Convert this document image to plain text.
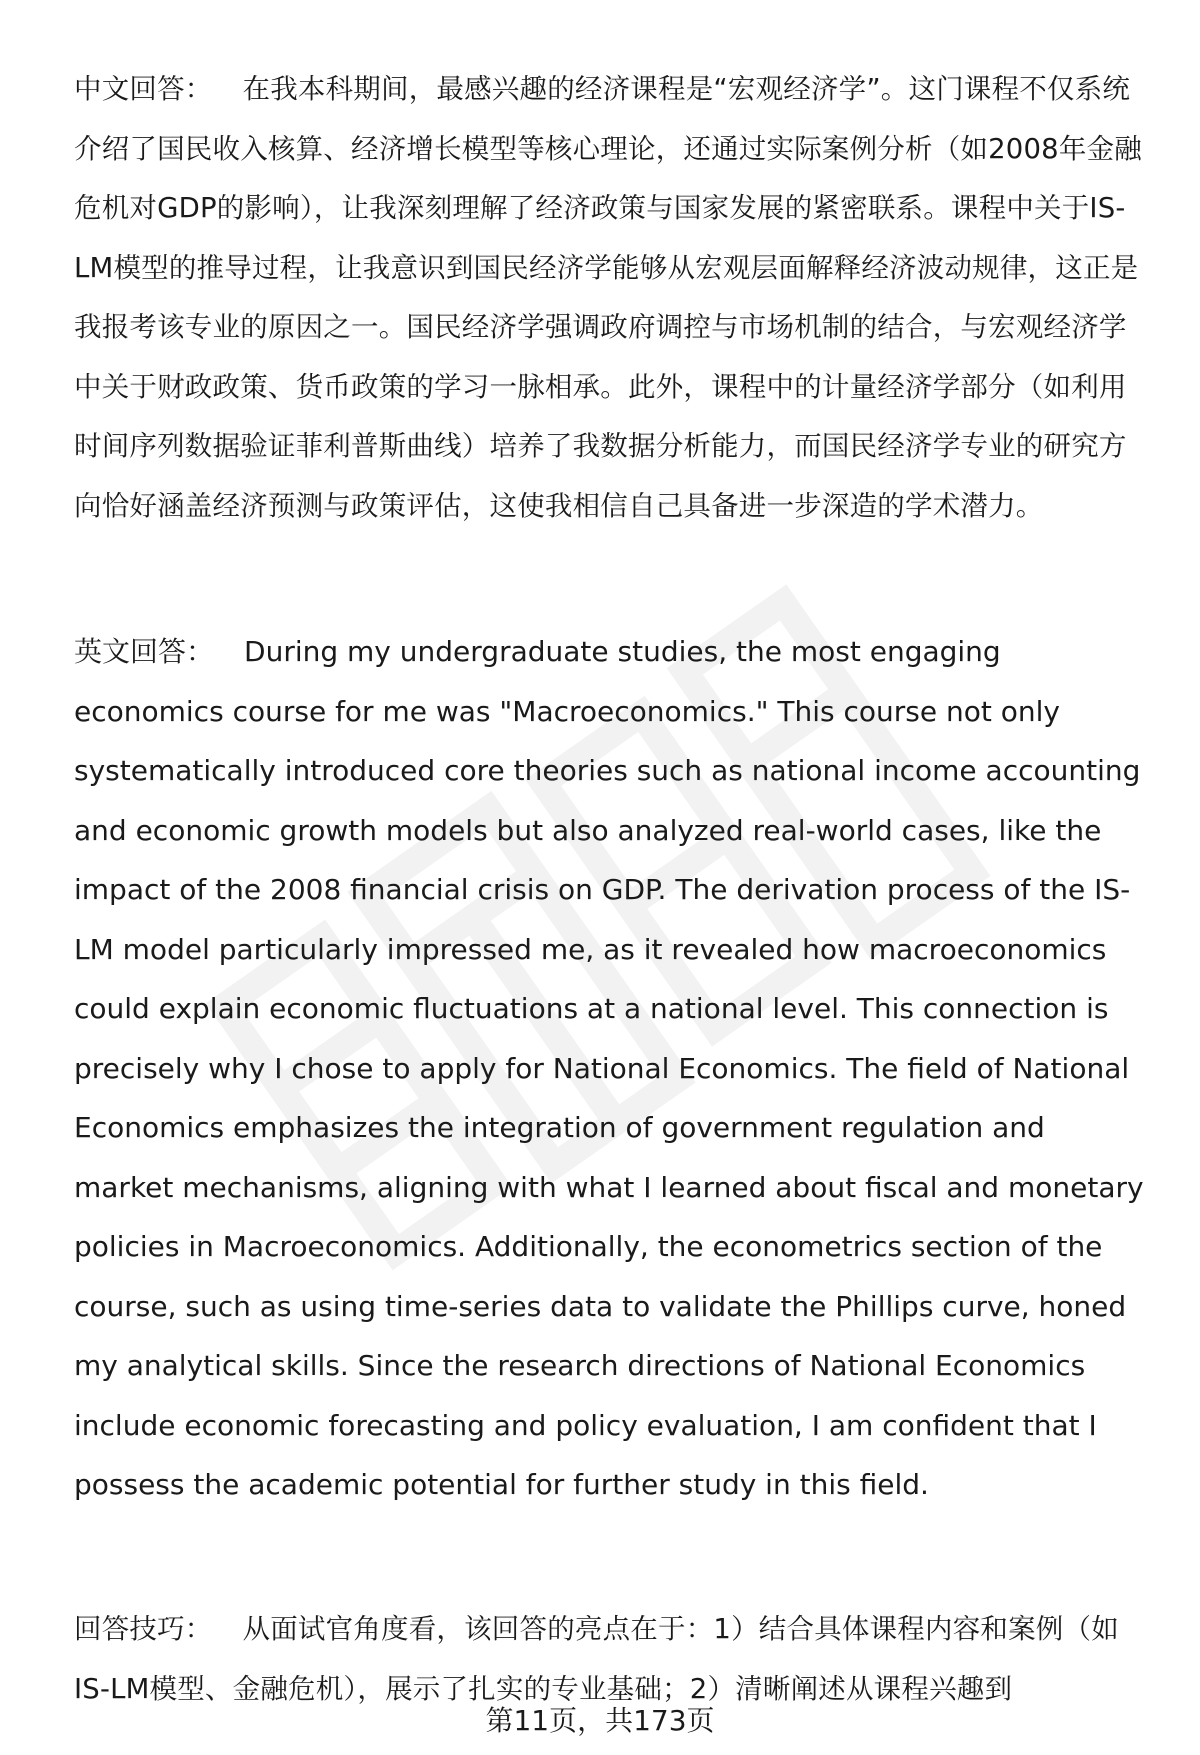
中文回答： 在我本科期间，最感兴趣的经济课程是“宏观经济学”。这门课程不仅系统介绍了国民收入核算、经济增长模型等核心理论，还通过实际案例分析（如2008年金融危机对GDP的影响），让我深刻理解了经济政策与国家发展的紧密联系。课程中关于IS-LM模型的推导过程，让我意识到国民经济学能够从宏观层面解释经济波动规律，这正是我报考该专业的原因之一。国民经济学强调政府调控与市场机制的结合，与宏观经济学中关于财政政策、货币政策的学习一脉相承。此外，课程中的计量经济学部分（如利用时间序列数据验证菲利普斯曲线）培养了我数据分析能力，而国民经济学专业的研究方向恰好涵盖经济预测与政策评估，这使我相信自己具备进一步深造的学术潜力。

英文回答： During my undergraduate studies, the most engaging economics course for me was "Macroeconomics." This course not only systematically introduced core theories such as national income accounting and economic growth models but also analyzed real-world cases, like the impact of the 2008 financial crisis on GDP. The derivation process of the IS-LM model particularly impressed me, as it revealed how macroeconomics could explain economic fluctuations at a national level. This connection is precisely why I chose to apply for National Economics. The field of National Economics emphasizes the integration of government regulation and market mechanisms, aligning with what I learned about fiscal and monetary policies in Macroeconomics. Additionally, the econometrics section of the course, such as using time-series data to validate the Phillips curve, honed my analytical skills. Since the research directions of National Economics include economic forecasting and policy evaluation, I am confident that I possess the academic potential for further study in this field.

回答技巧： 从面试官角度看，该回答的亮点在于：1）结合具体课程内容和案例（如IS-LM模型、金融危机），展示了扎实的专业基础；2）清晰阐述从课程兴趣到

第11页，共173页
